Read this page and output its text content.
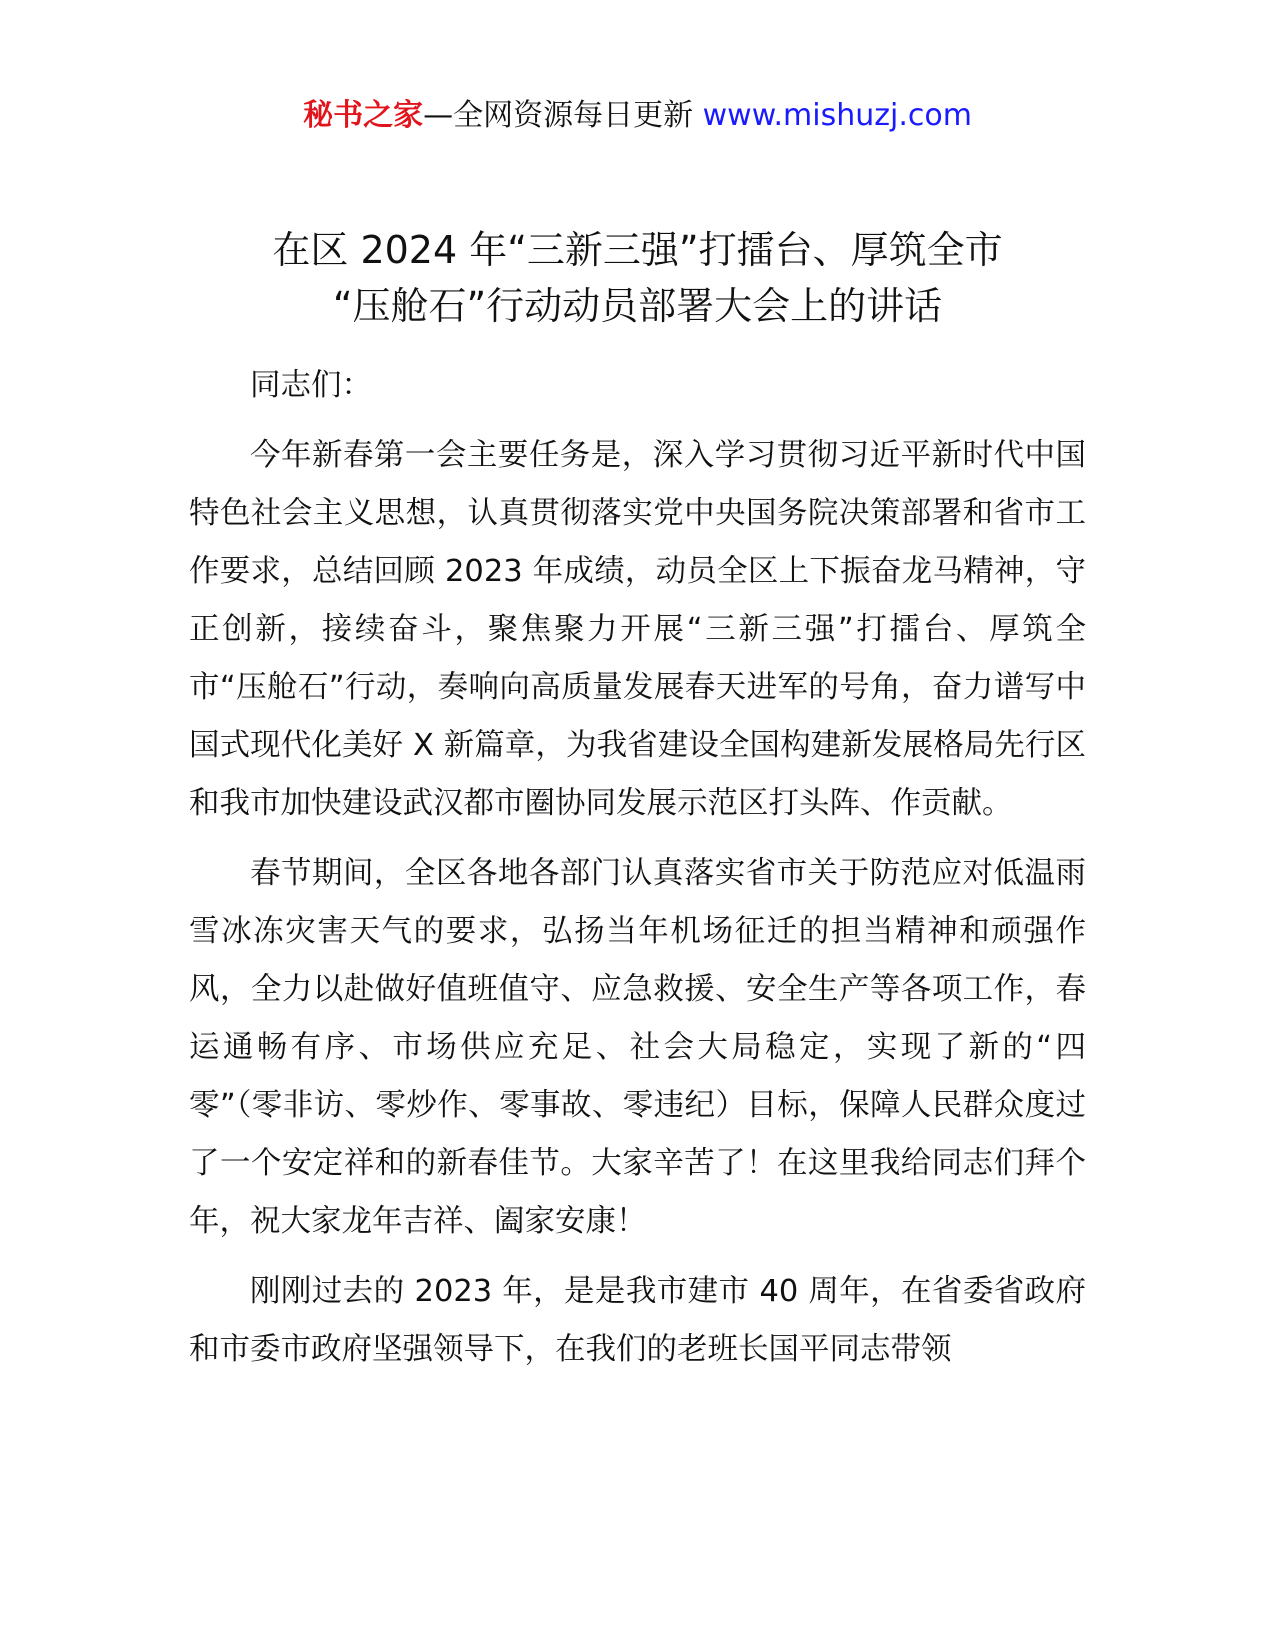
秘书之家—全网资源每日更新 www.mishuzj.com
在区 2024 年“三新三强”打擂台、厚筑全市
“压舱石”行动动员部署大会上的讲话

同志们：

今年新春第一会主要任务是，深入学习贯彻习近平新时代中国特色社会主义思想，认真贯彻落实党中央国务院决策部署和省市工作要求，总结回顾 2023 年成绩，动员全区上下振奋龙马精神，守正创新，接续奋斗，聚焦聚力开展“三新三强”打擂台、厚筑全市“压舱石”行动，奏响向高质量发展春天进军的号角，奋力谱写中国式现代化美好 X 新篇章，为我省建设全国构建新发展格局先行区和我市加快建设武汉都市圈协同发展示范区打头阵、作贡献。

春节期间，全区各地各部门认真落实省市关于防范应对低温雨雪冰冻灾害天气的要求，弘扬当年机场征迁的担当精神和顽强作风，全力以赴做好值班值守、应急救援、安全生产等各项工作，春运通畅有序、市场供应充足、社会大局稳定，实现了新的“四零”（零非访、零炒作、零事故、零违纪）目标，保障人民群众度过了一个安定祥和的新春佳节。大家辛苦了！在这里我给同志们拜个年，祝大家龙年吉祥、阖家安康！

刚刚过去的 2023 年，是是我市建市 40 周年，在省委省政府和市委市政府坚强领导下，在我们的老班长国平同志带领
